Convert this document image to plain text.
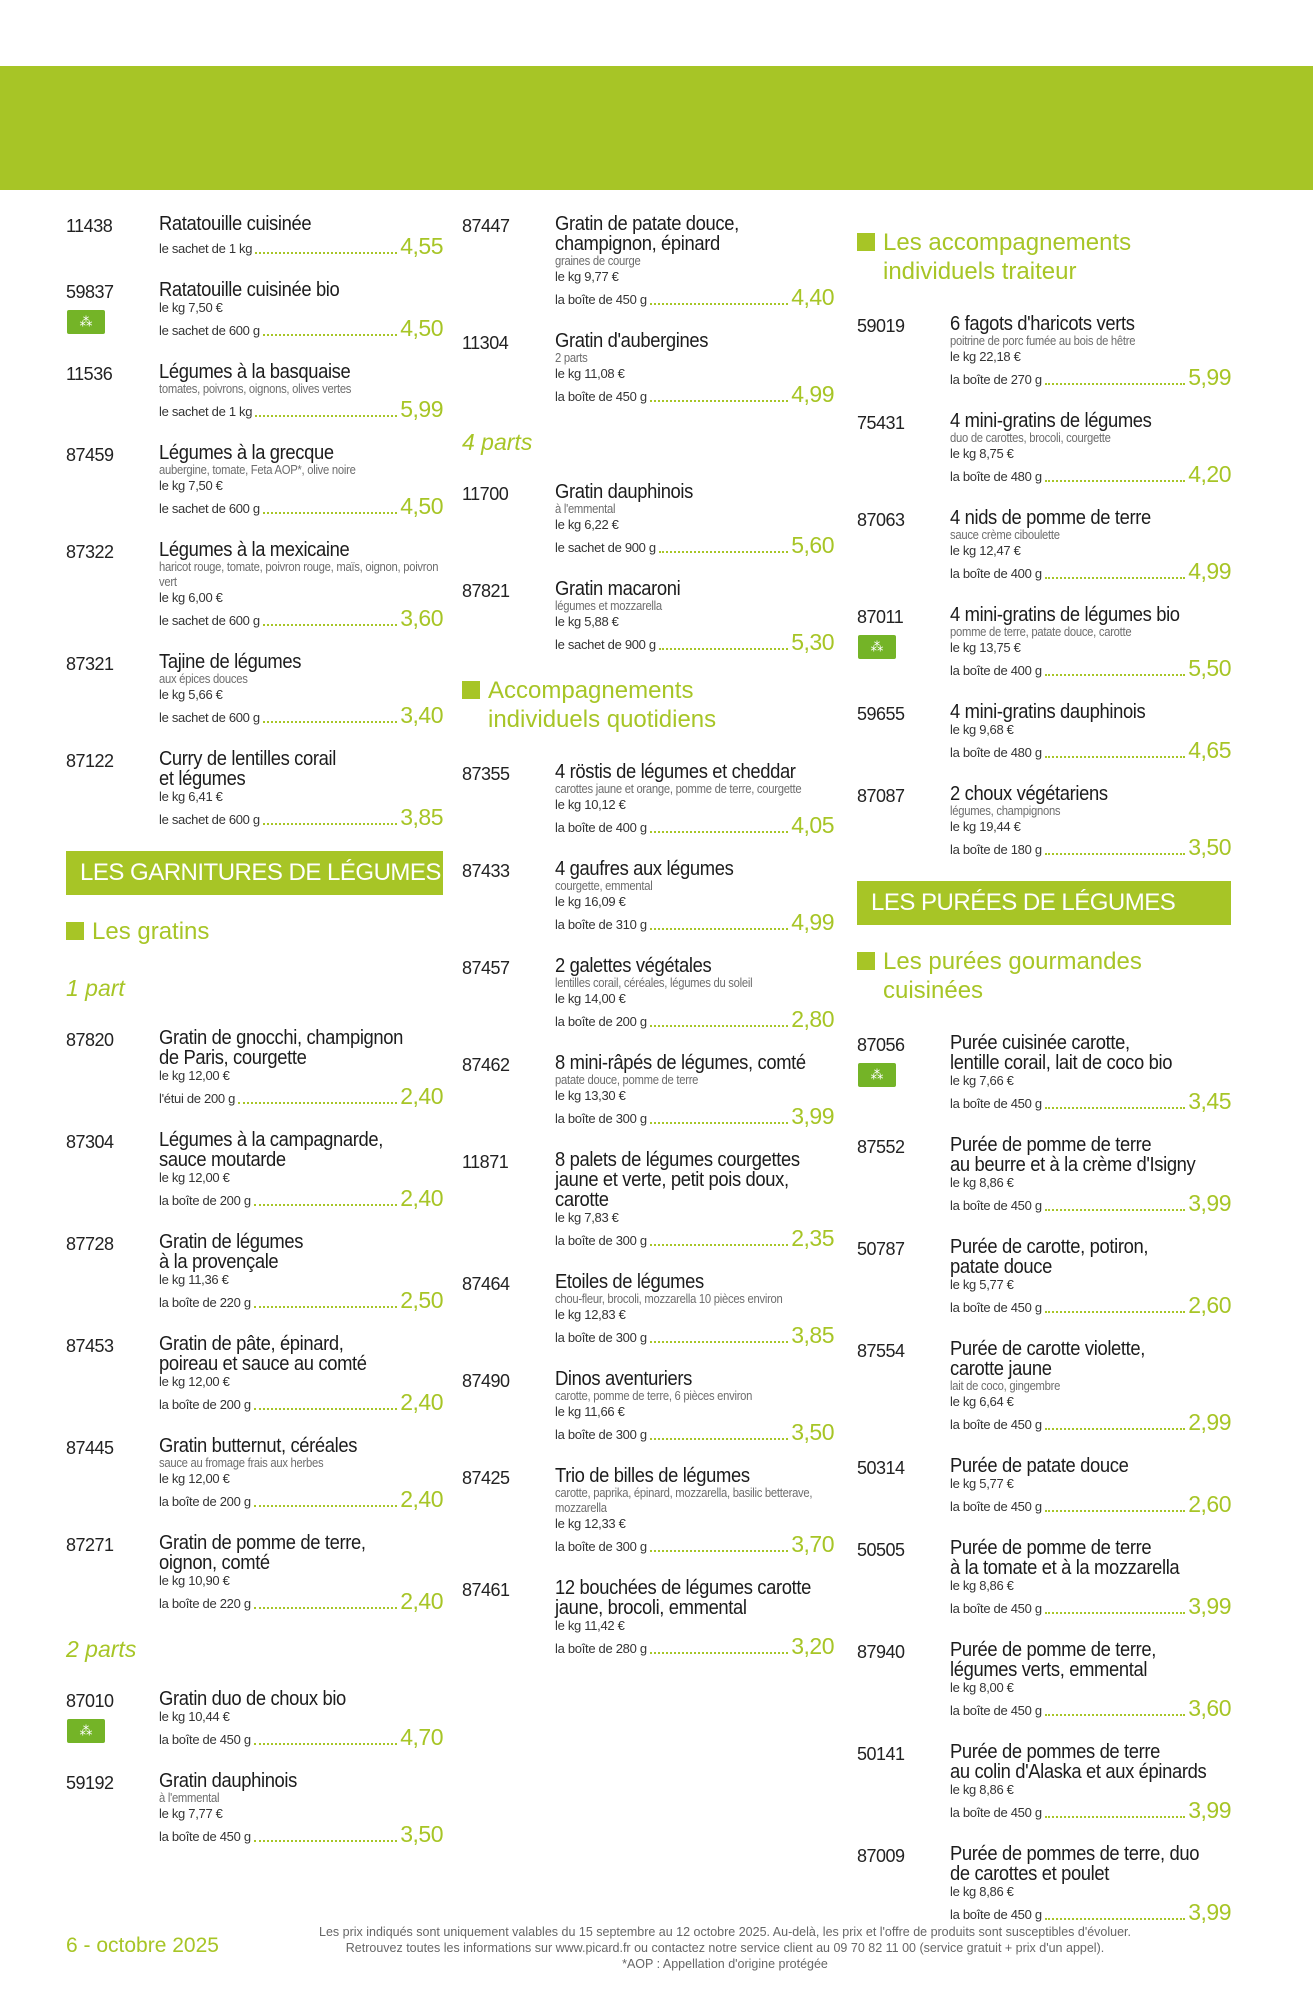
11438 Ratatouille cuisinée
le sachet de 1 kg	4,55
59837
⁂
Ratatouille cuisinée bio
le kg 7,50 €
le sachet de 600 g	4,50
11536 Légumes à la basquaise
tomates, poivrons, oignons, olives vertes
le sachet de 1 kg	5,99
87459 Légumes à la grecque
aubergine, tomate, Feta AOP*, olive noire
le kg 7,50 €
le sachet de 600 g	4,50
87322 Légumes à la mexicaine
haricot rouge, tomate, poivron rouge, maïs, oignon, poivron vert
le kg 6,00 €
le sachet de 600 g	3,60
87321 Tajine de légumes
aux épices douces
le kg 5,66 €
le sachet de 600 g	3,40
87122 Curry de lentilles corail
et légumes
le kg 6,41 €
le sachet de 600 g	3,85
LES GARNITURES DE LÉGUMES
Les gratins
1 part
87820 Gratin de gnocchi, champignon
de Paris, courgette
le kg 12,00 €
l'étui de 200 g	2,40
87304 Légumes à la campagnarde,
sauce moutarde
le kg 12,00 €
la boîte de 200 g	2,40
87728 Gratin de légumes
à la provençale
le kg 11,36 €
la boîte de 220 g	2,50
87453 Gratin de pâte, épinard,
poireau et sauce au comté
le kg 12,00 €
la boîte de 200 g	2,40
87445 Gratin butternut, céréales
sauce au fromage frais aux herbes
le kg 12,00 €
la boîte de 200 g	2,40
87271 Gratin de pomme de terre,
oignon, comté
le kg 10,90 €
la boîte de 220 g	2,40
2 parts
87010
⁂
Gratin duo de choux bio
le kg 10,44 €
la boîte de 450 g	4,70
59192 Gratin dauphinois
à l'emmental
le kg 7,77 €
la boîte de 450 g	3,50
87447 Gratin de patate douce,
champignon, épinard
graines de courge
le kg 9,77 €
la boîte de 450 g	4,40
11304 Gratin d'aubergines
2 parts
le kg 11,08 €
la boîte de 450 g	4,99
4 parts
11700 Gratin dauphinois
à l'emmental
le kg 6,22 €
le sachet de 900 g	5,60
87821 Gratin macaroni
légumes et mozzarella
le kg 5,88 €
le sachet de 900 g	5,30
Accompagnements
individuels quotidiens
87355 4 röstis de légumes et cheddar
carottes jaune et orange, pomme de terre, courgette
le kg 10,12 €
la boîte de 400 g	4,05
87433 4 gaufres aux légumes
courgette, emmental
le kg 16,09 €
la boîte de 310 g	4,99
87457 2 galettes végétales
lentilles corail, céréales, légumes du soleil
le kg 14,00 €
la boîte de 200 g	2,80
87462 8 mini-râpés de légumes, comté
patate douce, pomme de terre
le kg 13,30 €
la boîte de 300 g	3,99
11871 8 palets de légumes courgettes
jaune et verte, petit pois doux,
carotte
le kg 7,83 €
la boîte de 300 g	2,35
87464 Etoiles de légumes
chou-fleur, brocoli, mozzarella 10 pièces environ
le kg 12,83 €
la boîte de 300 g	3,85
87490 Dinos aventuriers
carotte, pomme de terre, 6 pièces environ
le kg 11,66 €
la boîte de 300 g	3,50
87425 Trio de billes de légumes
carotte, paprika, épinard, mozzarella, basilic betterave, mozzarella
le kg 12,33 €
la boîte de 300 g	3,70
87461 12 bouchées de légumes carotte
jaune, brocoli, emmental
le kg 11,42 €
la boîte de 280 g	3,20
Les accompagnements
individuels traiteur
59019 6 fagots d'haricots verts
poitrine de porc fumée au bois de hêtre
le kg 22,18 €
la boîte de 270 g	5,99
75431 4 mini-gratins de légumes
duo de carottes, brocoli, courgette
le kg 8,75 €
la boîte de 480 g	4,20
87063 4 nids de pomme de terre
sauce crème ciboulette
le kg 12,47 €
la boîte de 400 g	4,99
87011
⁂
4 mini-gratins de légumes bio
pomme de terre, patate douce, carotte
le kg 13,75 €
la boîte de 400 g	5,50
59655 4 mini-gratins dauphinois
le kg 9,68 €
la boîte de 480 g	4,65
87087 2 choux végétariens
légumes, champignons
le kg 19,44 €
la boîte de 180 g	3,50
LES PURÉES DE LÉGUMES
Les purées gourmandes
cuisinées
87056
⁂
Purée cuisinée carotte,
lentille corail, lait de coco bio
le kg 7,66 €
la boîte de 450 g	3,45
87552 Purée de pomme de terre
au beurre et à la crème d'Isigny
le kg 8,86 €
la boîte de 450 g	3,99
50787 Purée de carotte, potiron,
patate douce
le kg 5,77 €
la boîte de 450 g	2,60
87554 Purée de carotte violette,
carotte jaune
lait de coco, gingembre
le kg 6,64 €
la boîte de 450 g	2,99
50314 Purée de patate douce
le kg 5,77 €
la boîte de 450 g	2,60
50505 Purée de pomme de terre
à la tomate et à la mozzarella
le kg 8,86 €
la boîte de 450 g	3,99
87940 Purée de pomme de terre,
légumes verts, emmental
le kg 8,00 €
la boîte de 450 g	3,60
50141 Purée de pommes de terre
au colin d'Alaska et aux épinards
le kg 8,86 €
la boîte de 450 g	3,99
87009 Purée de pommes de terre, duo
de carottes et poulet
le kg 8,86 €
la boîte de 450 g	3,99
6 - octobre 2025
Les prix indiqués sont uniquement valables du 15 septembre au 12 octobre 2025. Au-delà, les prix et l'offre de produits sont susceptibles d'évoluer.
Retrouvez toutes les informations sur www.picard.fr ou contactez notre service client au 09 70 82 11 00 (service gratuit + prix d'un appel).
*AOP : Appellation d'origine protégée
